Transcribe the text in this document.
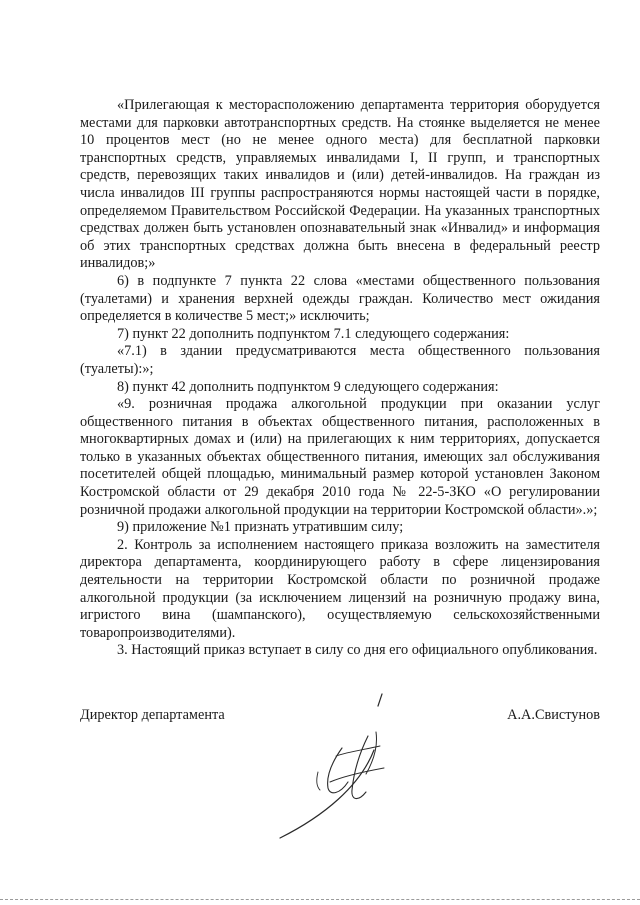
«Прилегающая к месторасположению департамента территория оборудуется местами для парковки автотранспортных средств. На стоянке выделяется не менее 10 процентов мест (но не менее одного места) для бесплатной парковки транспортных средств, управляемых инвалидами I, II групп, и транспортных средств, перевозящих таких инвалидов и (или) детей-инвалидов. На граждан из числа инвалидов III группы распространяются нормы настоящей части в порядке, определяемом Правительством Российской Федерации. На указанных транспортных средствах должен быть установлен опознавательный знак «Инвалид» и информация об этих транспортных средствах должна быть внесена в федеральный реестр инвалидов;»

6) в подпункте 7 пункта 22 слова «местами общественного пользования (туалетами) и хранения верхней одежды граждан. Количество мест ожидания определяется в количестве 5 мест;» исключить;

7) пункт 22 дополнить подпунктом 7.1 следующего содержания:

«7.1) в здании предусматриваются места общественного пользования (туалеты):»;

8) пункт 42 дополнить подпунктом 9 следующего содержания:

«9. розничная продажа алкогольной продукции при оказании услуг общественного питания в объектах общественного питания, расположенных в многоквартирных домах и (или) на прилегающих к ним территориях, допускается только в указанных объектах общественного питания, имеющих зал обслуживания посетителей общей площадью, минимальный размер которой установлен Законом Костромской области от 29 декабря 2010 года № 22-5-ЗКО «О регулировании розничной продажи алкогольной продукции на территории Костромской области».»;

9) приложение №1 признать утратившим силу;

2. Контроль за исполнением настоящего приказа возложить на заместителя директора департамента, координирующего работу в сфере лицензирования деятельности на территории Костромской области по розничной продаже алкогольной продукции (за исключением лицензий на розничную продажу вина, игристого вина (шампанского), осуществляемую сельскохозяйственными товаропроизводителями).

3. Настоящий приказ вступает в силу со дня его официального опубликования.

Директор департамента	А.А.Свистунов
